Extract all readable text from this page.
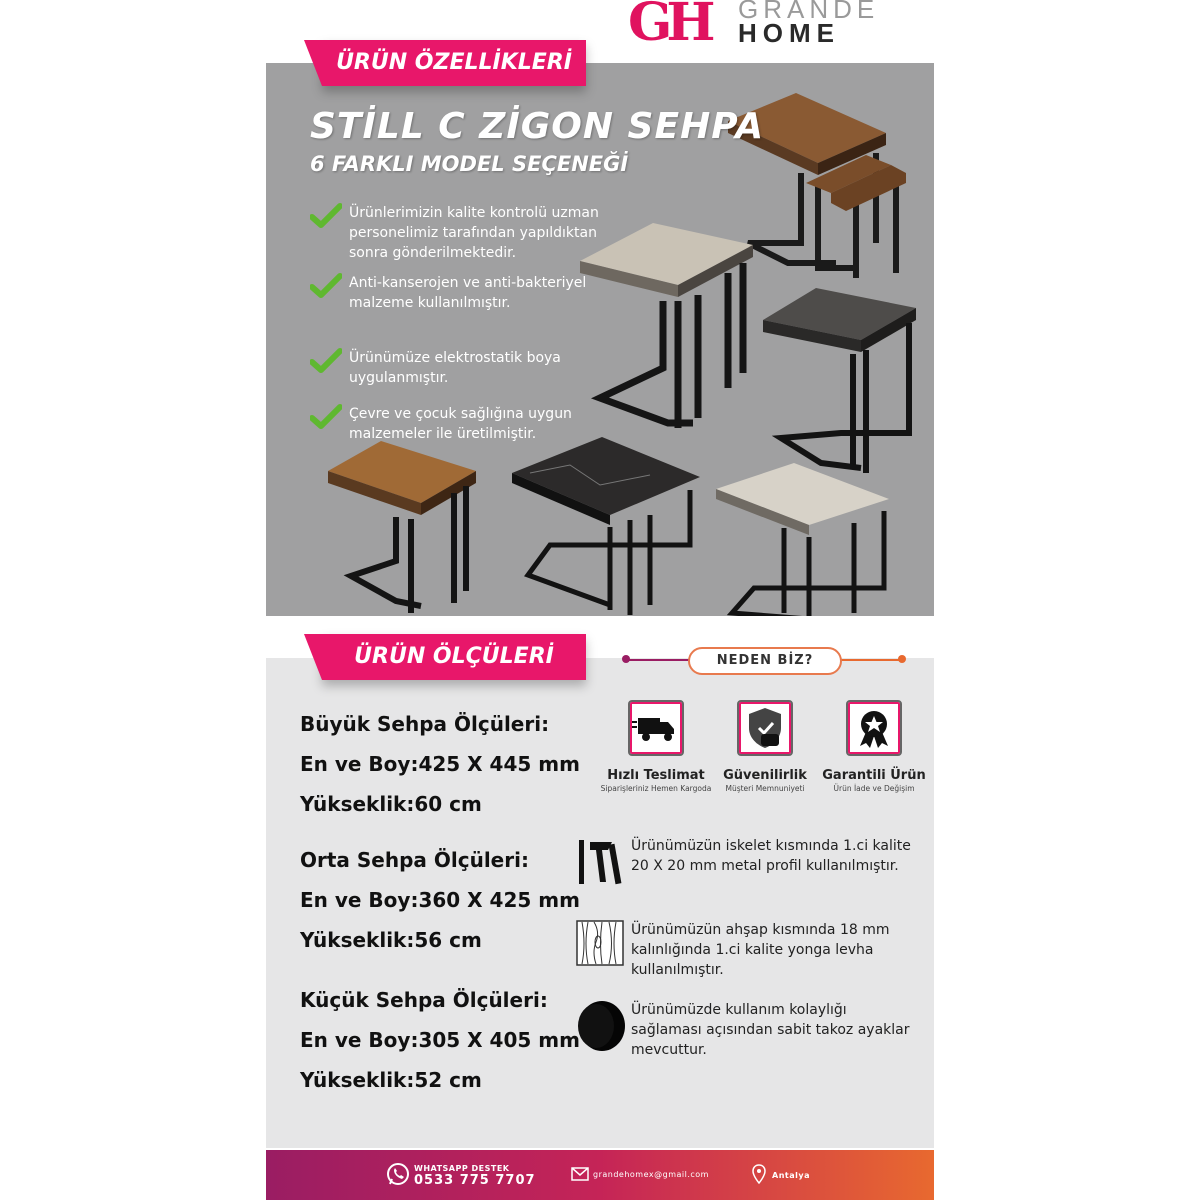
GH GRANDE
HOME
ÜRÜN ÖZELLİKLERİ
STİLL C ZİGON SEHPA
6 FARKLI MODEL SEÇENEĞİ
Ürünlerimizin kalite kontrolü uzman personelimiz tarafından yapıldıktan sonra gönderilmektedir.
Anti-kanserojen ve anti-bakteriyel malzeme kullanılmıştır.
Ürünümüze elektrostatik boya uygulanmıştır.
Çevre ve çocuk sağlığına uygun malzemeler ile üretilmiştir.
ÜRÜN ÖLÇÜLERİ
Büyük Sehpa Ölçüleri:
En ve Boy:425 X 445 mm
Yükseklik:60 cm
Orta Sehpa Ölçüleri:
En ve Boy:360 X 425 mm
Yükseklik:56 cm
Küçük Sehpa Ölçüleri:
En ve Boy:305 X 405 mm
Yükseklik:52 cm
NEDEN BİZ?
Hızlı Teslimat
Siparişleriniz Hemen Kargoda
Güvenilirlik
Müşteri Memnuniyeti
Garantili Ürün
Ürün İade ve Değişim
Ürünümüzün iskelet kısmında 1.ci kalite 20 X 20 mm metal profil kullanılmıştır.
Ürünümüzün ahşap kısmında 18 mm kalınlığında 1.ci kalite yonga levha kullanılmıştır.
Ürünümüzde kullanım kolaylığı sağlaması açısından sabit takoz ayaklar mevcuttur.
WHATSAPP DESTEK
0533 775 7707	grandehomex@gmail.com	Antalya
